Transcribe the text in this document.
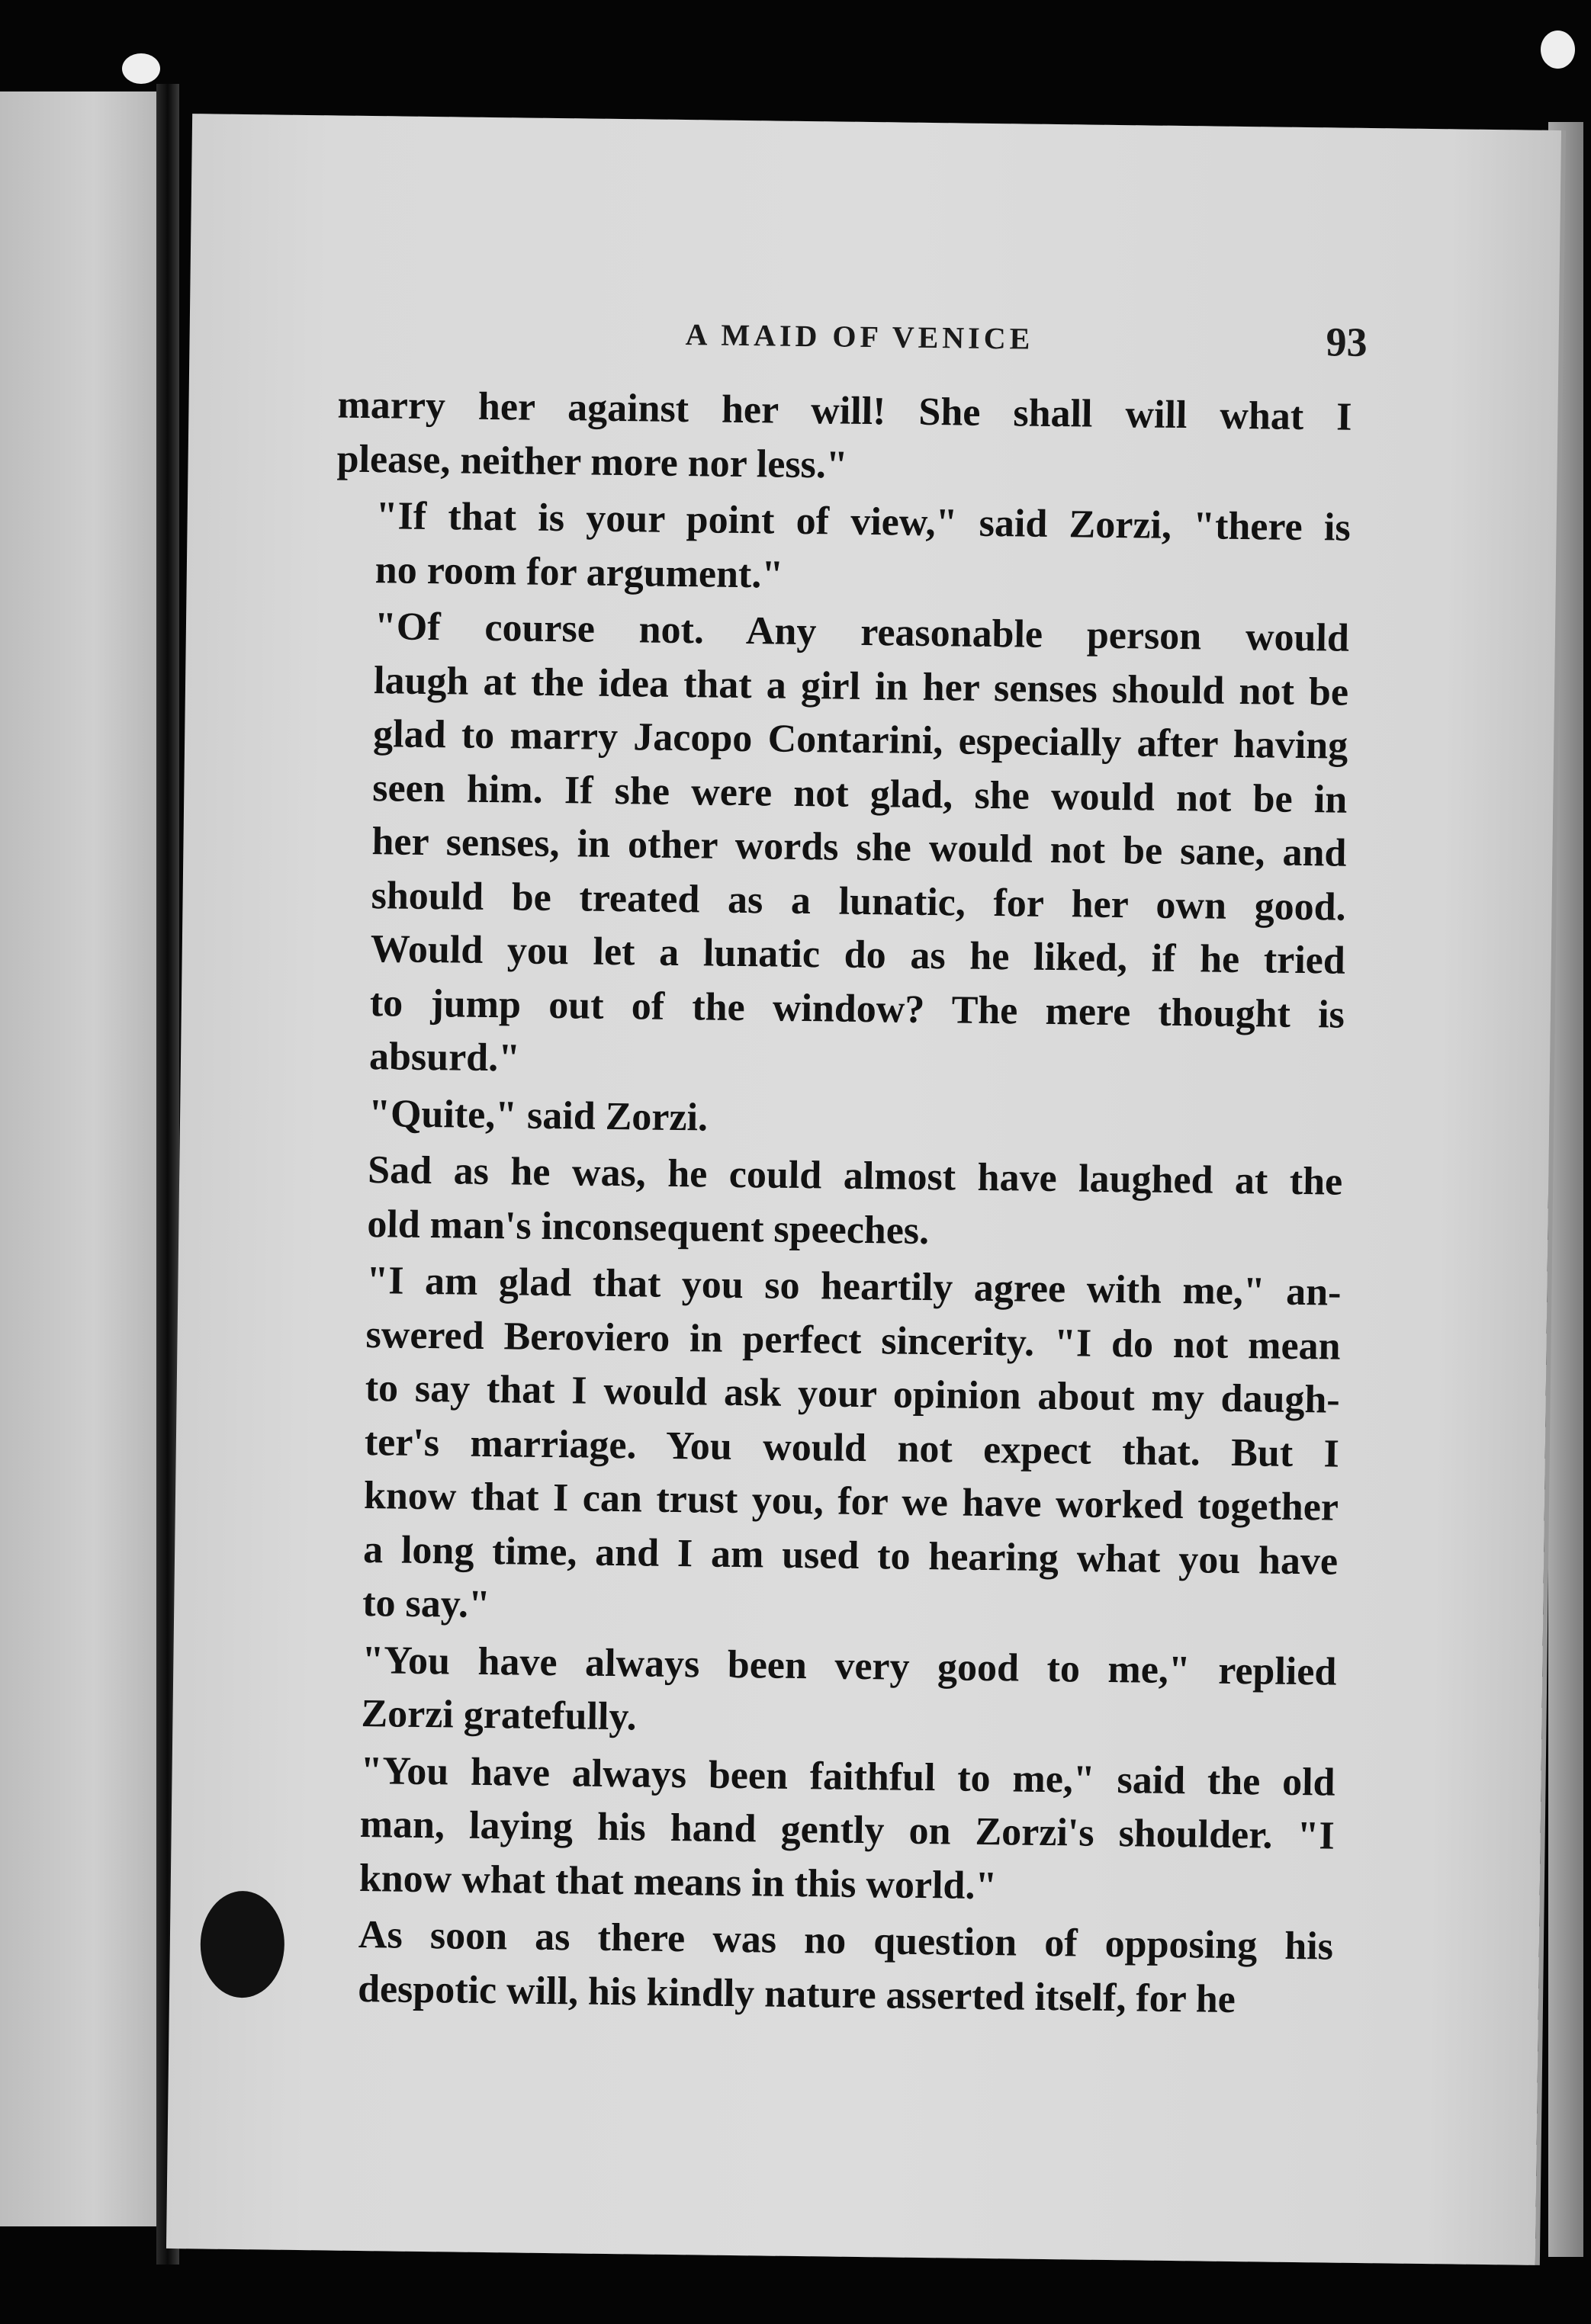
A MAID OF VENICE	93
marry her against her will! She shall will what I
please, neither more nor less."
"If that is your point of view," said Zorzi, "there is
no room for argument."
"Of course not. Any reasonable person would
laugh at the idea that a girl in her senses should not be
glad to marry Jacopo Contarini, especially after having
seen him. If she were not glad, she would not be in
her senses, in other words she would not be sane, and
should be treated as a lunatic, for her own good.
Would you let a lunatic do as he liked, if he tried
to jump out of the window? The mere thought is
absurd."
"Quite," said Zorzi.
Sad as he was, he could almost have laughed at the
old man's inconsequent speeches.
"I am glad that you so heartily agree with me," an-
swered Beroviero in perfect sincerity. "I do not mean
to say that I would ask your opinion about my daugh-
ter's marriage. You would not expect that. But I
know that I can trust you, for we have worked together
a long time, and I am used to hearing what you have
to say."
"You have always been very good to me," replied
Zorzi gratefully.
"You have always been faithful to me," said the old
man, laying his hand gently on Zorzi's shoulder. "I
know what that means in this world."
As soon as there was no question of opposing his
despotic will, his kindly nature asserted itself, for he
